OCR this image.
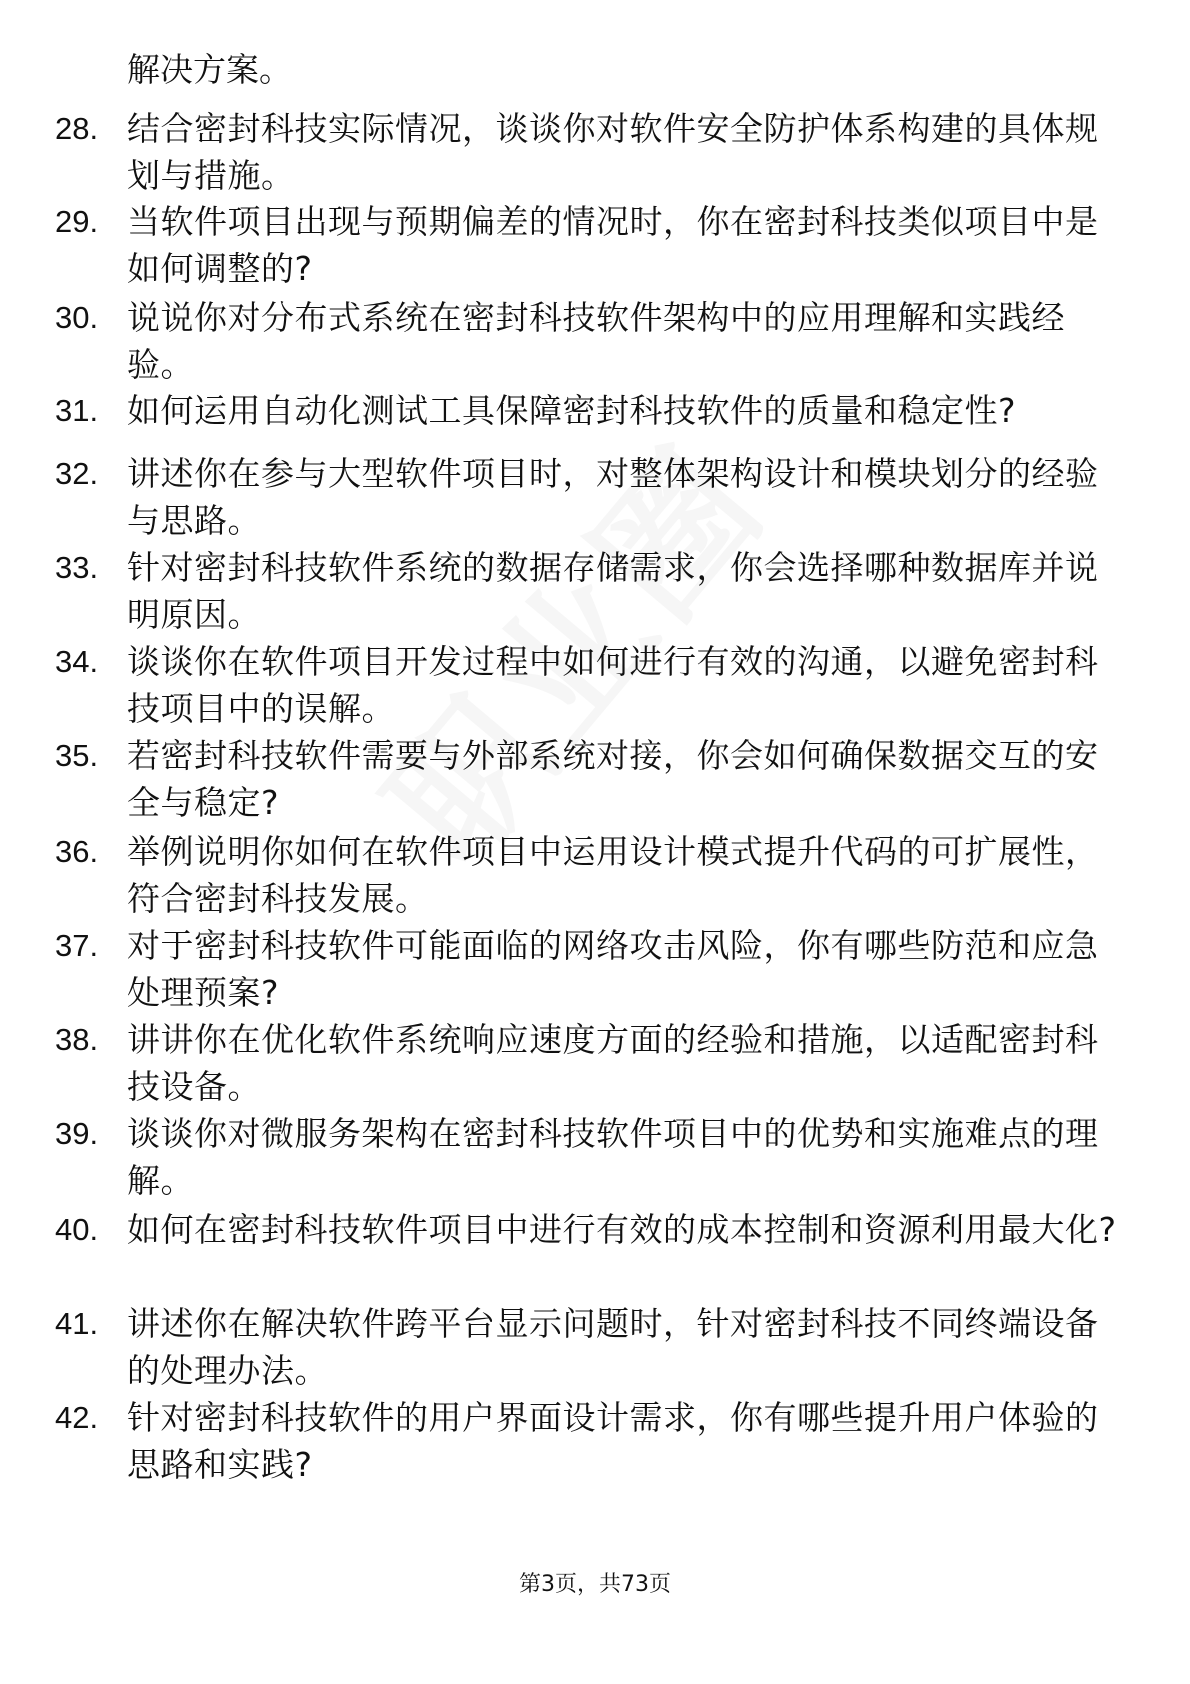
解决方案。
28. 结合密封科技实际情况，谈谈你对软件安全防护体系构建的具体规划与措施。
29. 当软件项目出现与预期偏差的情况时，你在密封科技类似项目中是如何调整的?
30. 说说你对分布式系统在密封科技软件架构中的应用理解和实践经验。
31. 如何运用自动化测试工具保障密封科技软件的质量和稳定性?
32. 讲述你在参与大型软件项目时，对整体架构设计和模块划分的经验与思路。
33. 针对密封科技软件系统的数据存储需求，你会选择哪种数据库并说明原因。
34. 谈谈你在软件项目开发过程中如何进行有效的沟通，以避免密封科技项目中的误解。
35. 若密封科技软件需要与外部系统对接，你会如何确保数据交互的安全与稳定?
36. 举例说明你如何在软件项目中运用设计模式提升代码的可扩展性，符合密封科技发展。
37. 对于密封科技软件可能面临的网络攻击风险，你有哪些防范和应急处理预案?
38. 讲讲你在优化软件系统响应速度方面的经验和措施，以适配密封科技设备。
39. 谈谈你对微服务架构在密封科技软件项目中的优势和实施难点的理解。
40. 如何在密封科技软件项目中进行有效的成本控制和资源利用最大化?
41. 讲述你在解决软件跨平台显示问题时，针对密封科技不同终端设备的处理办法。
42. 针对密封科技软件的用户界面设计需求，你有哪些提升用户体验的思路和实践?
第3页，共73页
